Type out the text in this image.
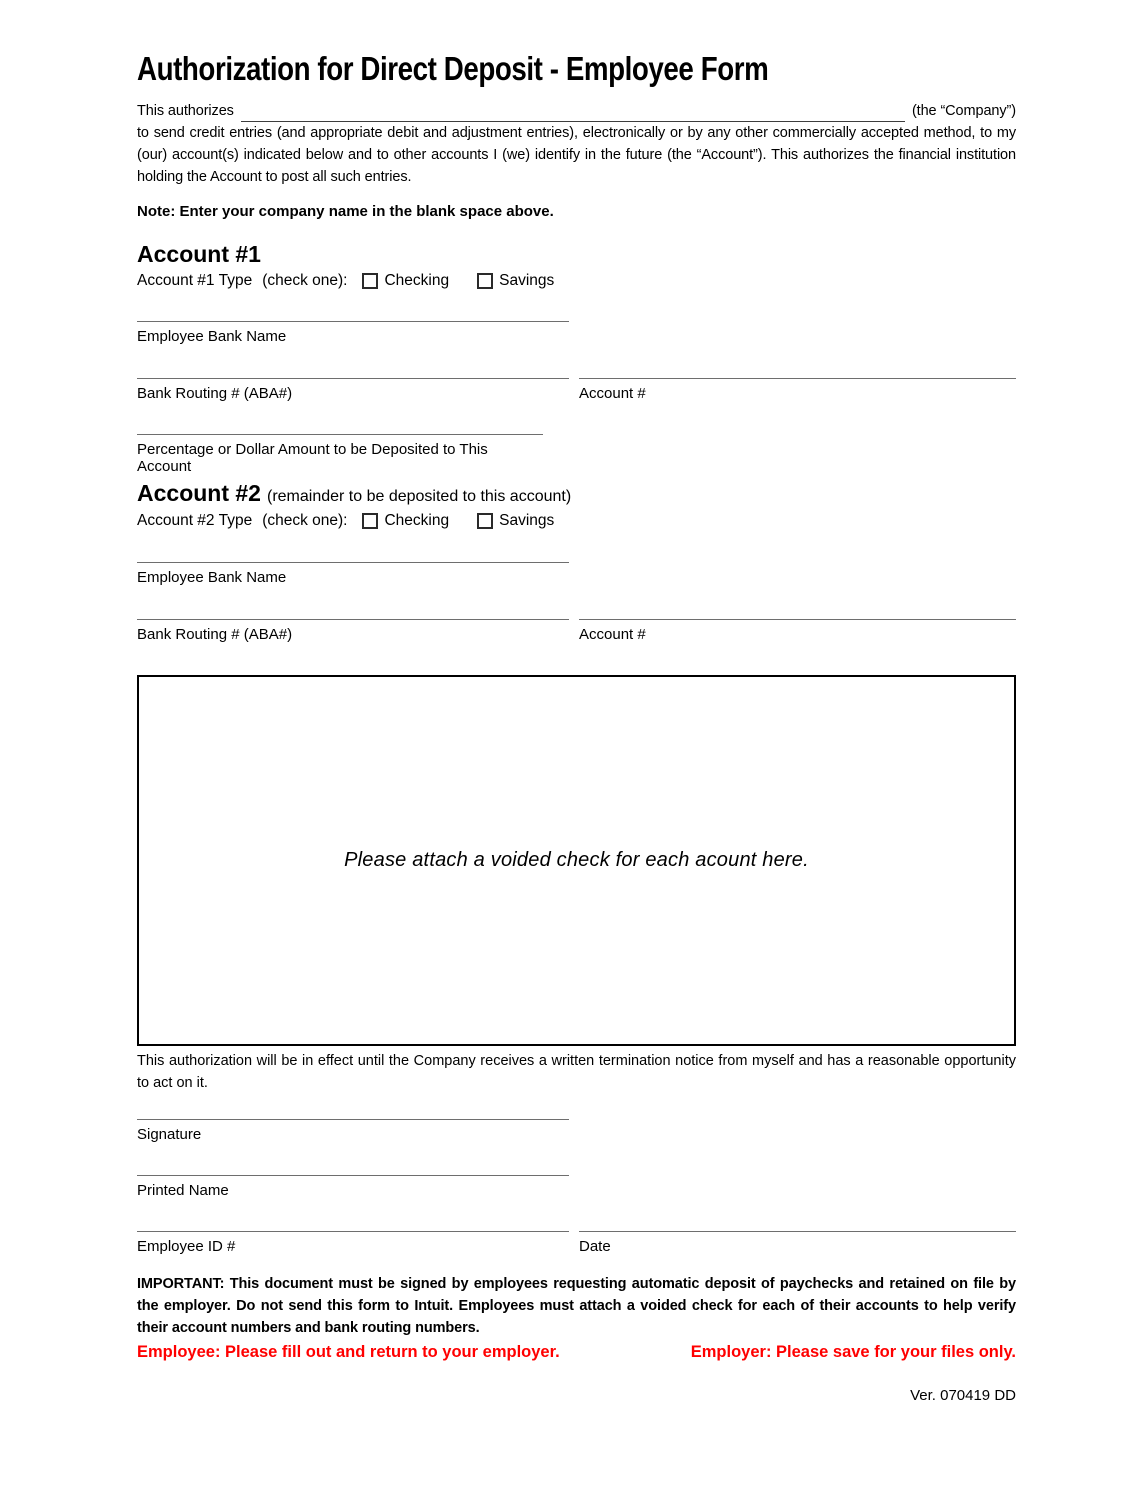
Authorization for Direct Deposit - Employee Form
This authorizes	(the “Company”)

to send credit entries (and appropriate debit and adjustment entries), electronically or by any other commercially accepted method, to my (our) account(s) indicated below and to other accounts I (we) identify in the future (the “Account”). This authorizes the financial institution holding the Account to post all such entries.

Note: Enter your company name in the blank space above.

Account #1
Account #1 Type (check one): Checking	Savings
Employee Bank Name
Bank Routing # (ABA#)	Account #
Percentage or Dollar Amount to be Deposited to This Account
Account #2 (remainder to be deposited to this account)
Account #2 Type (check one): Checking	Savings
Employee Bank Name
Bank Routing # (ABA#)	Account #
Please attach a voided check for each acount here.

This authorization will be in effect until the Company receives a written termination notice from myself and has a reasonable opportunity to act on it.

Signature
Printed Name
Employee ID #	Date

IMPORTANT: This document must be signed by employees requesting automatic deposit of paychecks and retained on file by the employer. Do not send this form to Intuit. Employees must attach a voided check for each of their accounts to help verify their account numbers and bank routing numbers.

Employee: Please fill out and return to your employer.	Employer: Please save for your files only.
Ver. 070419 DD
